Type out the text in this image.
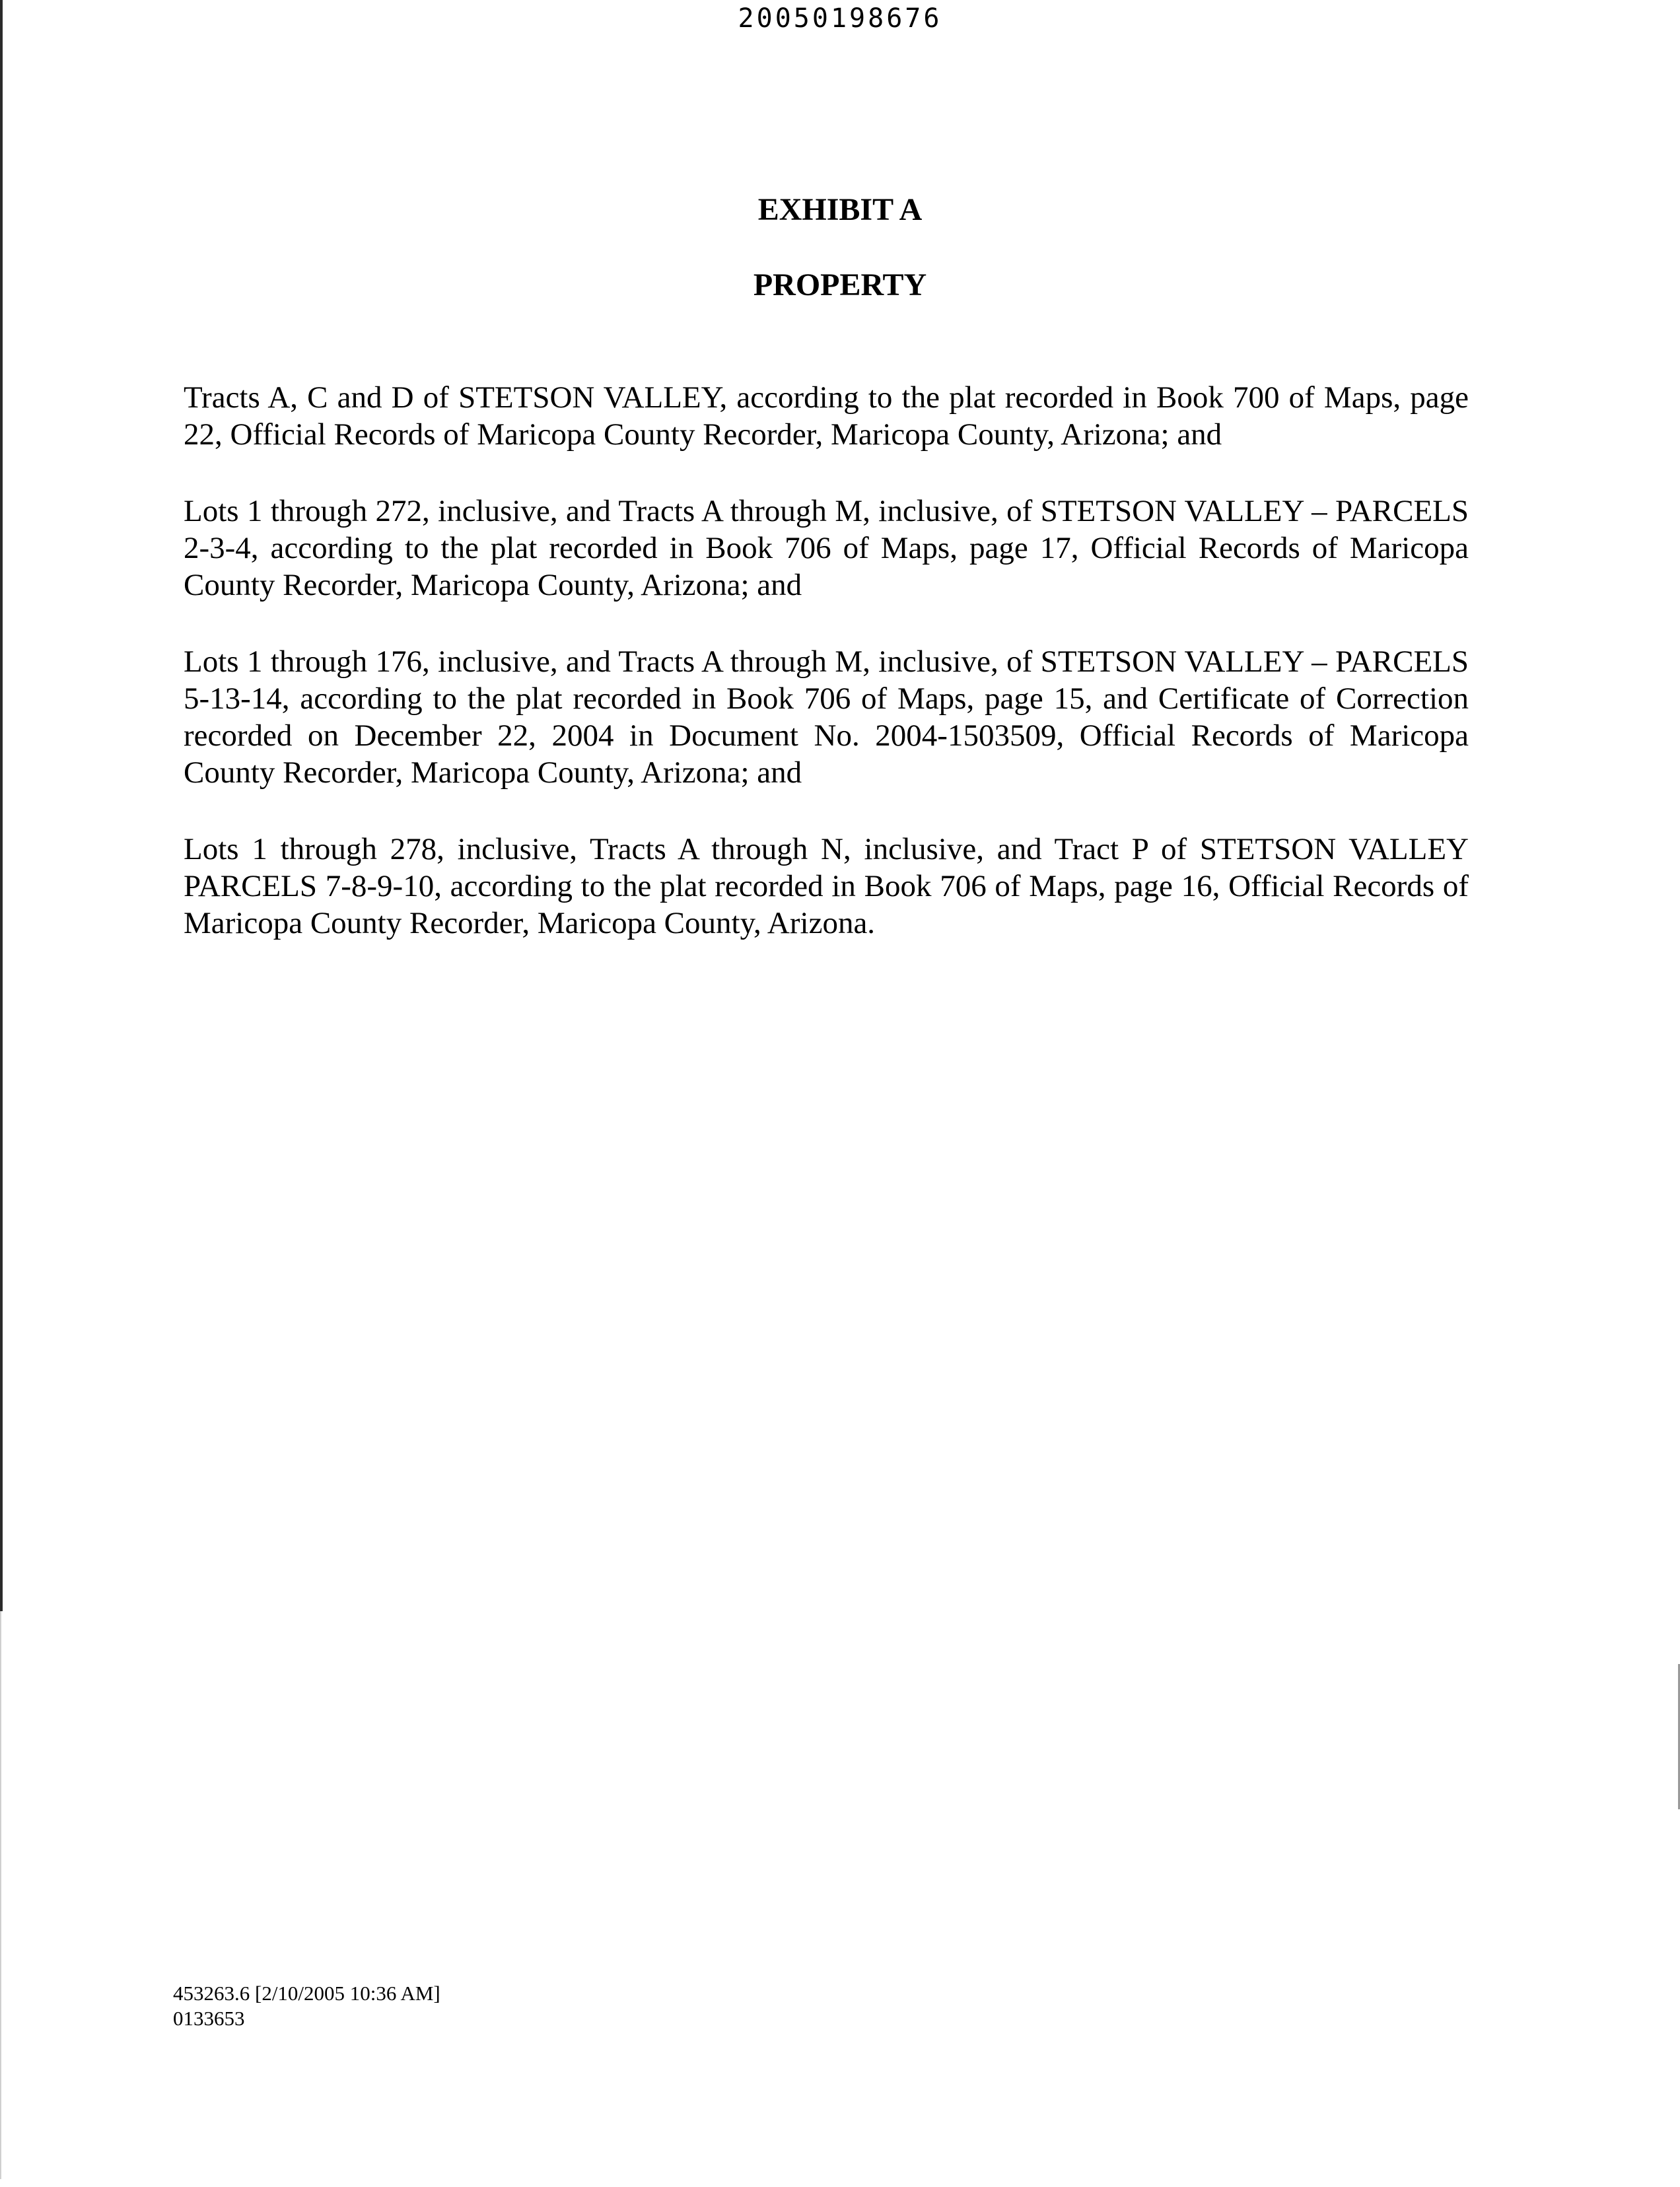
20050198676
EXHIBIT A
PROPERTY

Tracts A, C and D of STETSON VALLEY, according to the plat recorded in Book 700 of Maps, page 22, Official Records of Maricopa County Recorder, Maricopa County, Arizona; and

Lots 1 through 272, inclusive, and Tracts A through M, inclusive, of STETSON VALLEY – PARCELS 2-3-4, according to the plat recorded in Book 706 of Maps, page 17, Official Records of Maricopa County Recorder, Maricopa County, Arizona; and

Lots 1 through 176, inclusive, and Tracts A through M, inclusive, of STETSON VALLEY – PARCELS 5-13-14, according to the plat recorded in Book 706 of Maps, page 15, and Certificate of Correction recorded on December 22, 2004 in Document No. 2004-1503509, Official Records of Maricopa County Recorder, Maricopa County, Arizona; and

Lots 1 through 278, inclusive, Tracts A through N, inclusive, and Tract P of STETSON VALLEY PARCELS 7-8-9-10, according to the plat recorded in Book 706 of Maps, page 16, Official Records of Maricopa County Recorder, Maricopa County, Arizona.

453263.6 [2/10/2005 10:36 AM]
0133653
